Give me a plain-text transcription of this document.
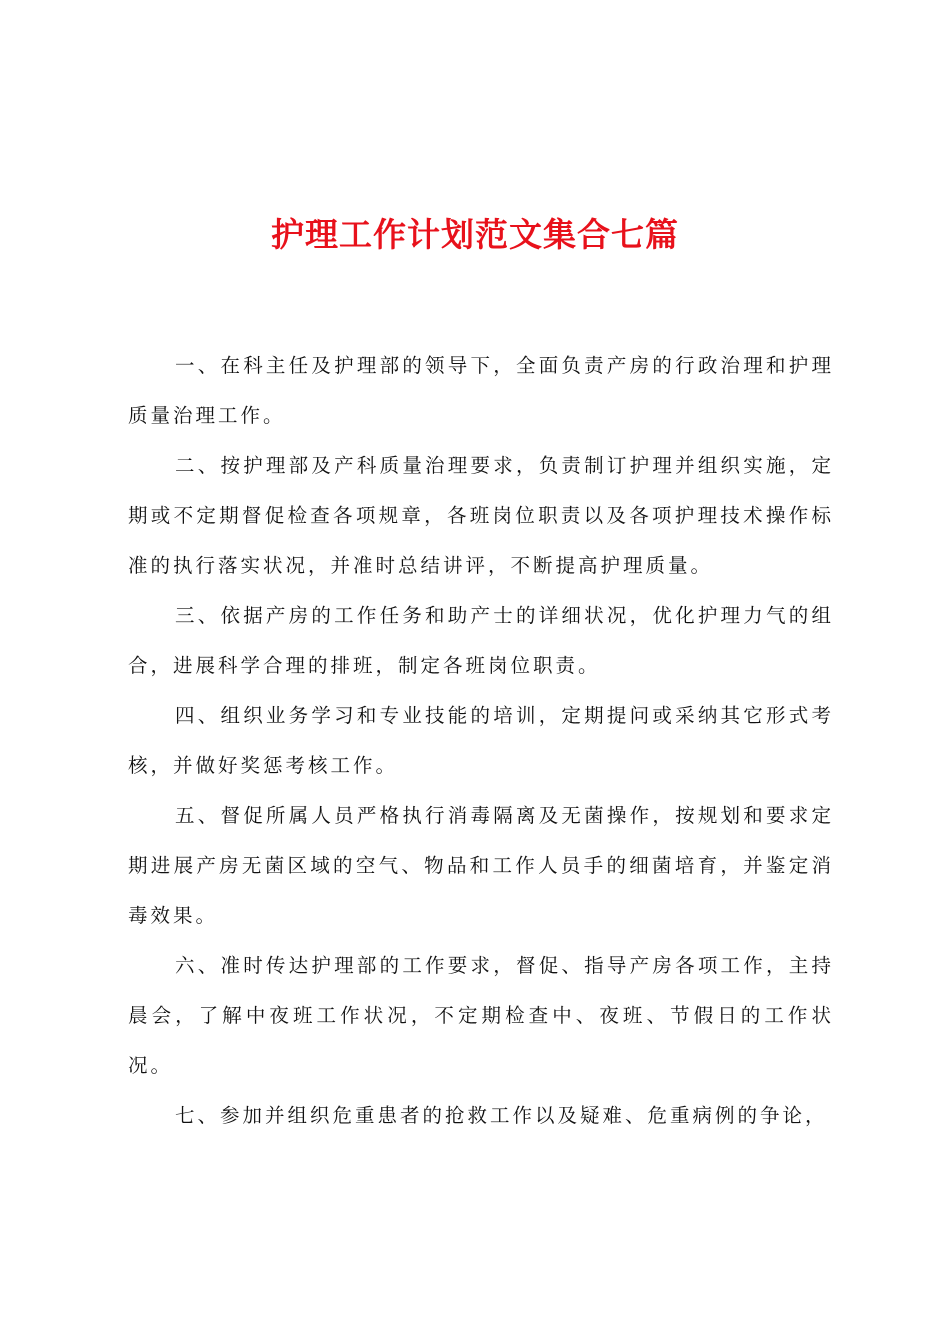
护理工作计划范文集合七篇

一、在科主任及护理部的领导下，全面负责产房的行政治理和护理质量治理工作。

二、按护理部及产科质量治理要求，负责制订护理并组织实施，定期或不定期督促检查各项规章，各班岗位职责以及各项护理技术操作标准的执行落实状况，并准时总结讲评，不断提高护理质量。

三、依据产房的工作任务和助产士的详细状况，优化护理力气的组合，进展科学合理的排班，制定各班岗位职责。

四、组织业务学习和专业技能的培训，定期提问或采纳其它形式考核，并做好奖惩考核工作。

五、督促所属人员严格执行消毒隔离及无菌操作，按规划和要求定期进展产房无菌区域的空气、物品和工作人员手的细菌培育，并鉴定消毒效果。

六、准时传达护理部的工作要求，督促、指导产房各项工作，主持晨会，了解中夜班工作状况，不定期检查中、夜班、节假日的工作状况。

七、参加并组织危重患者的抢救工作以及疑难、危重病例的争论，
